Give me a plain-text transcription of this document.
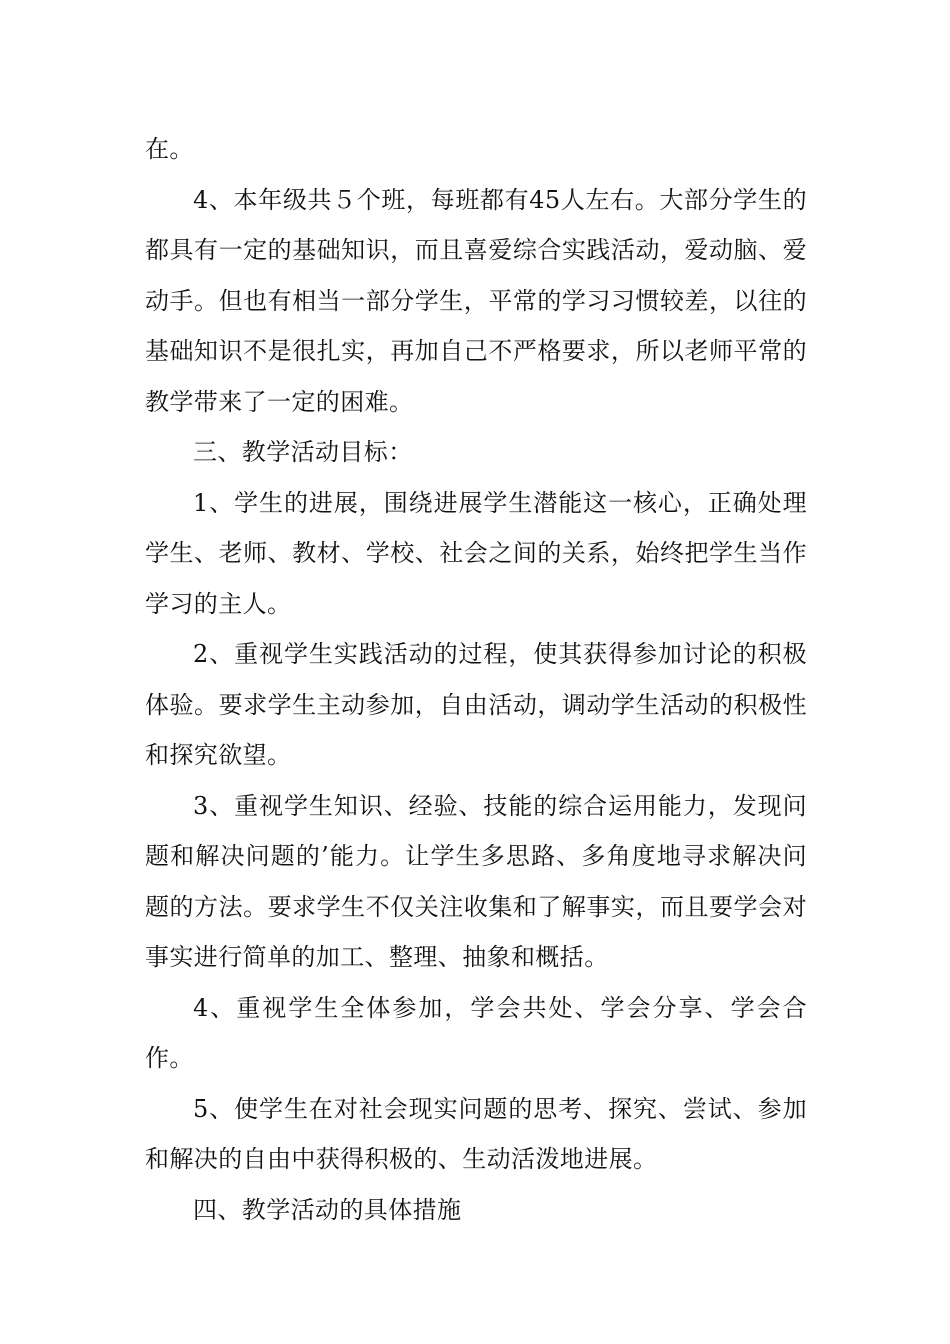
在。

4、本年级共５个班，每班都有45人左右。大部分学生的都具有一定的基础知识，而且喜爱综合实践活动，爱动脑、爱动手。但也有相当一部分学生，平常的学习习惯较差，以往的基础知识不是很扎实，再加自己不严格要求，所以老师平常的教学带来了一定的困难。

三、教学活动目标：

1、学生的进展，围绕进展学生潜能这一核心，正确处理学生、老师、教材、学校、社会之间的关系，始终把学生当作学习的主人。

2、重视学生实践活动的过程，使其获得参加讨论的积极体验。要求学生主动参加，自由活动，调动学生活动的积极性和探究欲望。

3、重视学生知识、经验、技能的综合运用能力，发现问题和解决问题的’能力。让学生多思路、多角度地寻求解决问题的方法。要求学生不仅关注收集和了解事实，而且要学会对事实进行简单的加工、整理、抽象和概括。

4、重视学生全体参加，学会共处、学会分享、学会合作。

5、使学生在对社会现实问题的思考、探究、尝试、参加和解决的自由中获得积极的、生动活泼地进展。

四、教学活动的具体措施
